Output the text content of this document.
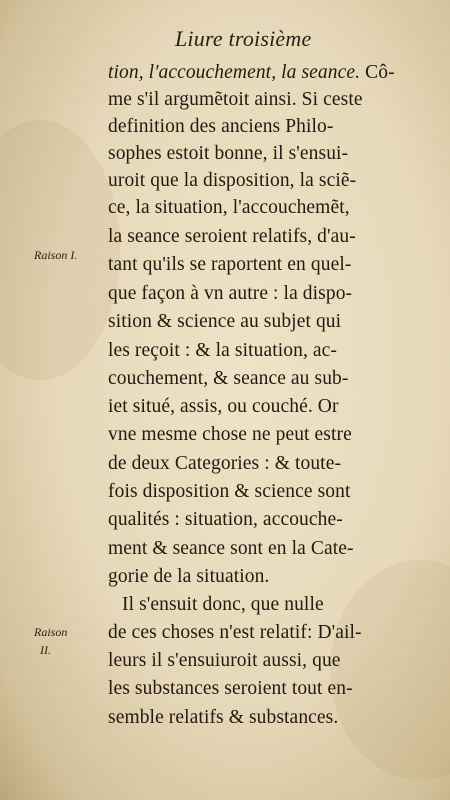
Liure troisième
Raison I.
Raison
II.
tion, l'accouchement, la seance. Cô-
me s'il argumẽtoit ainsi. Si ceste
definition des anciens Philo-
sophes estoit bonne, il s'ensui-
uroit que la disposition, la sciẽ-
ce, la situation, l'accouchemẽt,
la seance seroient relatifs, d'au-
tant qu'ils se raportent en quel-
que façon à vn autre : la dispo-
sition & science au subjet qui
les reçoit : & la situation, ac-
couchement, & seance au sub-
iet situé, assis, ou couché. Or
vne mesme chose ne peut estre
de deux Categories : & toute-
fois disposition & science sont
qualités : situation, accouche-
ment & seance sont en la Cate-
gorie de la situation.
Il s'ensuit donc, que nulle
de ces choses n'est relatif: D'ail-
leurs il s'ensuiuroit aussi, que
les substances seroient tout en-
semble relatifs & substances.
